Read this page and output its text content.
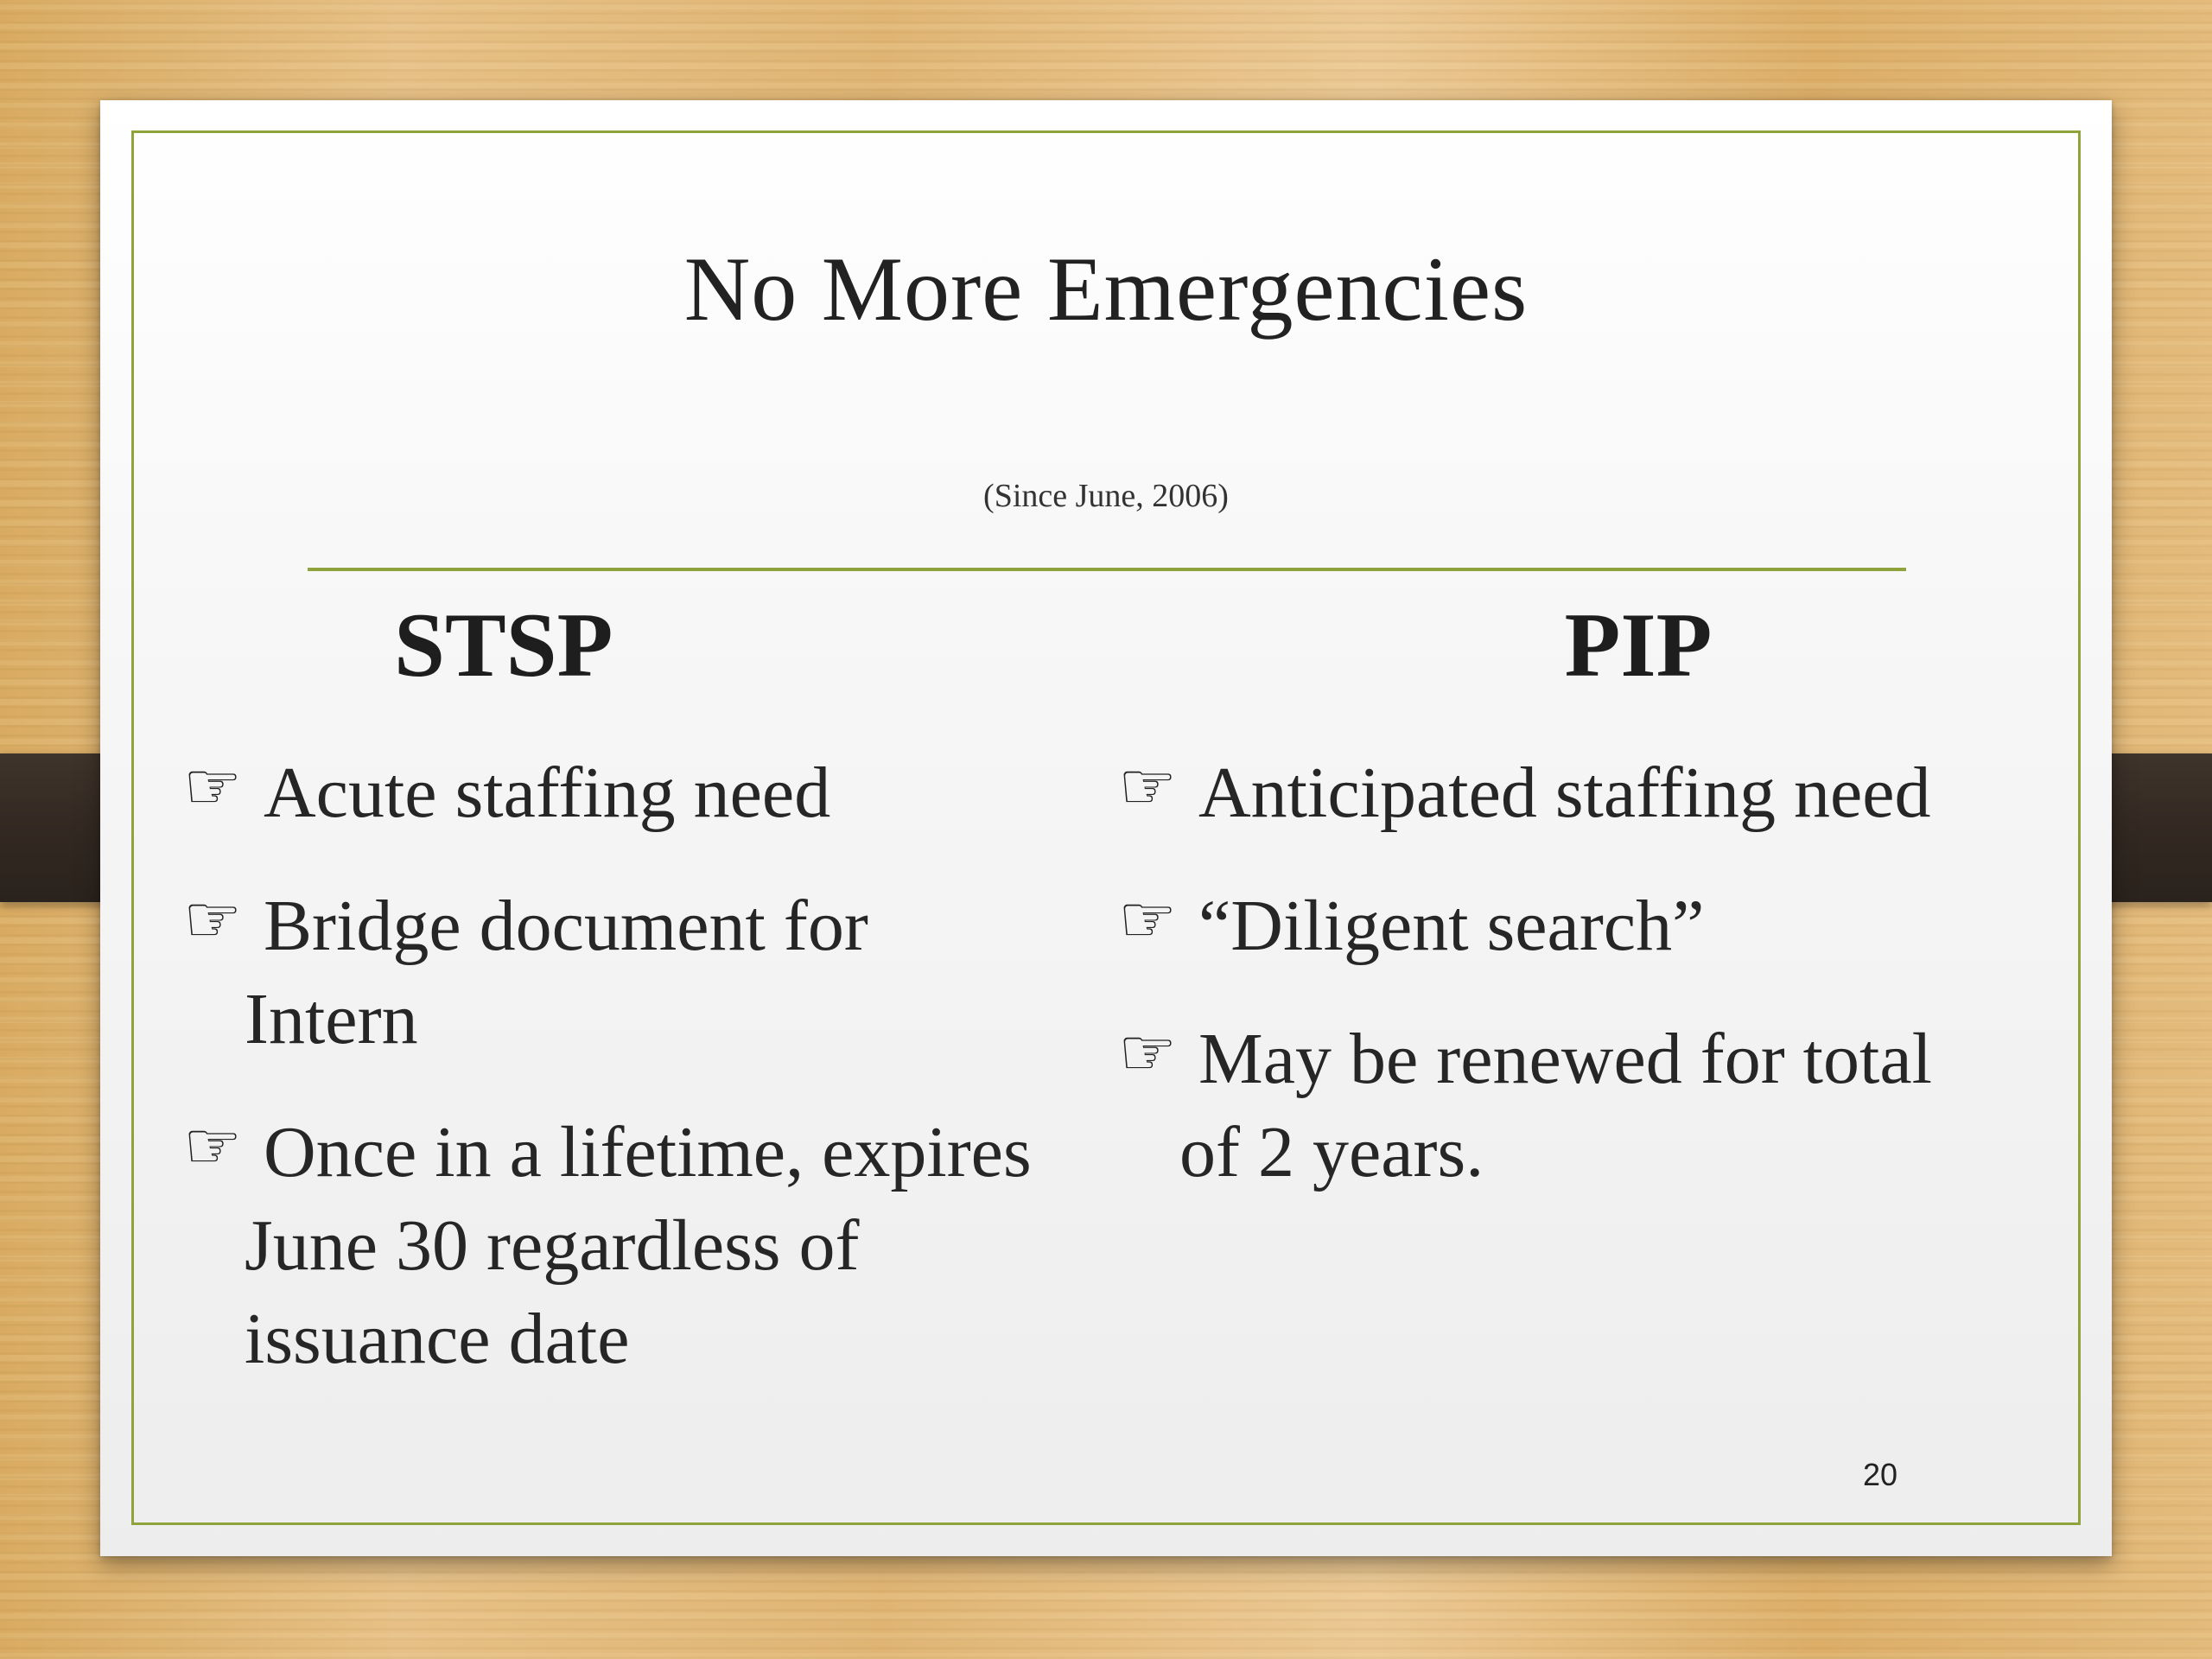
No More Emergencies
(Since June, 2006)
STSP	PIP
☞ Acute staffing need
☞ Bridge document for
Intern
☞ Once in a lifetime, expires
June 30 regardless of
issuance date
☞ Anticipated staffing need
☞ “Diligent search”
☞ May be renewed for total
of 2 years.
20
